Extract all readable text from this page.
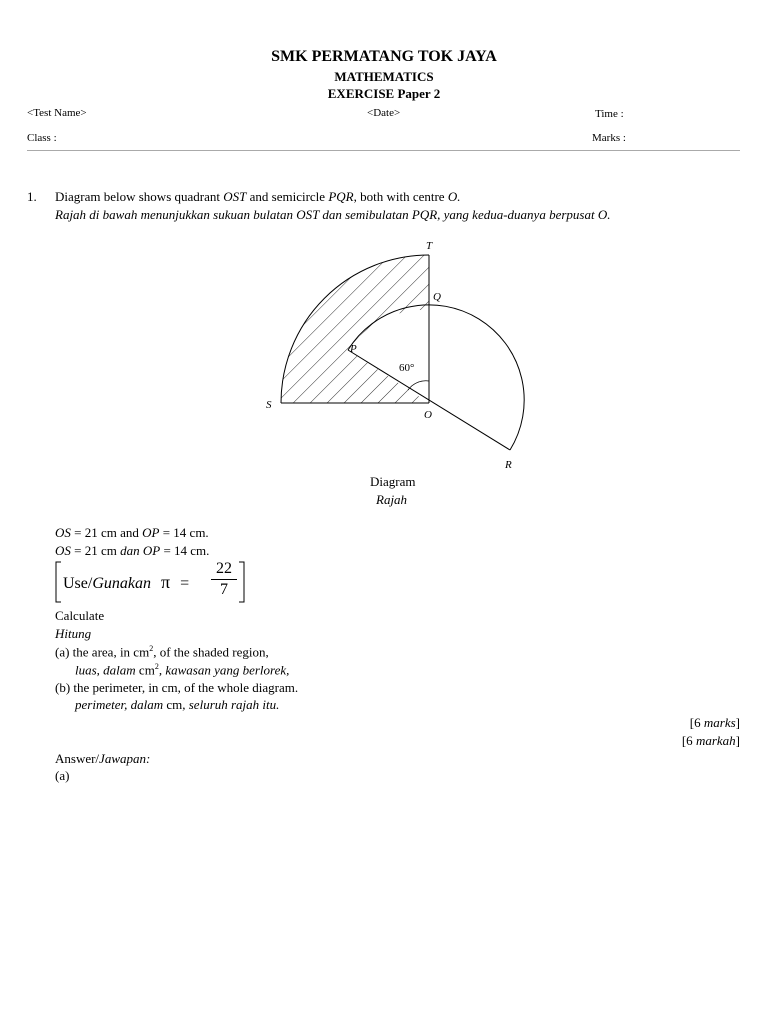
SMK PERMATANG TOK JAYA
MATHEMATICS
EXERCISE Paper 2
<Test Name>	<Date>	Time :
Class :	Marks :
1. Diagram below shows quadrant OST and semicircle PQR, both with centre O.
Rajah di bawah menunjukkan sukuan bulatan OST dan semibulatan PQR, yang kedua-duanya berpusat O.
T
Q
P
60°
S
O
R
Diagram
Rajah
OS = 21 cm and OP = 14 cm.
OS = 21 cm dan OP = 14 cm.
Use/Gunakan π =
22
7
Calculate
Hitung
(a) the area, in $cm^2$, of the shaded region,
luas, dalam $cm^2$, kawasan yang berlorek,
(b) the perimeter, in cm, of the whole diagram.
perimeter, dalam cm, seluruh rajah itu.
[6 marks]
[6 markah]
Answer/Jawapan:
(a)
